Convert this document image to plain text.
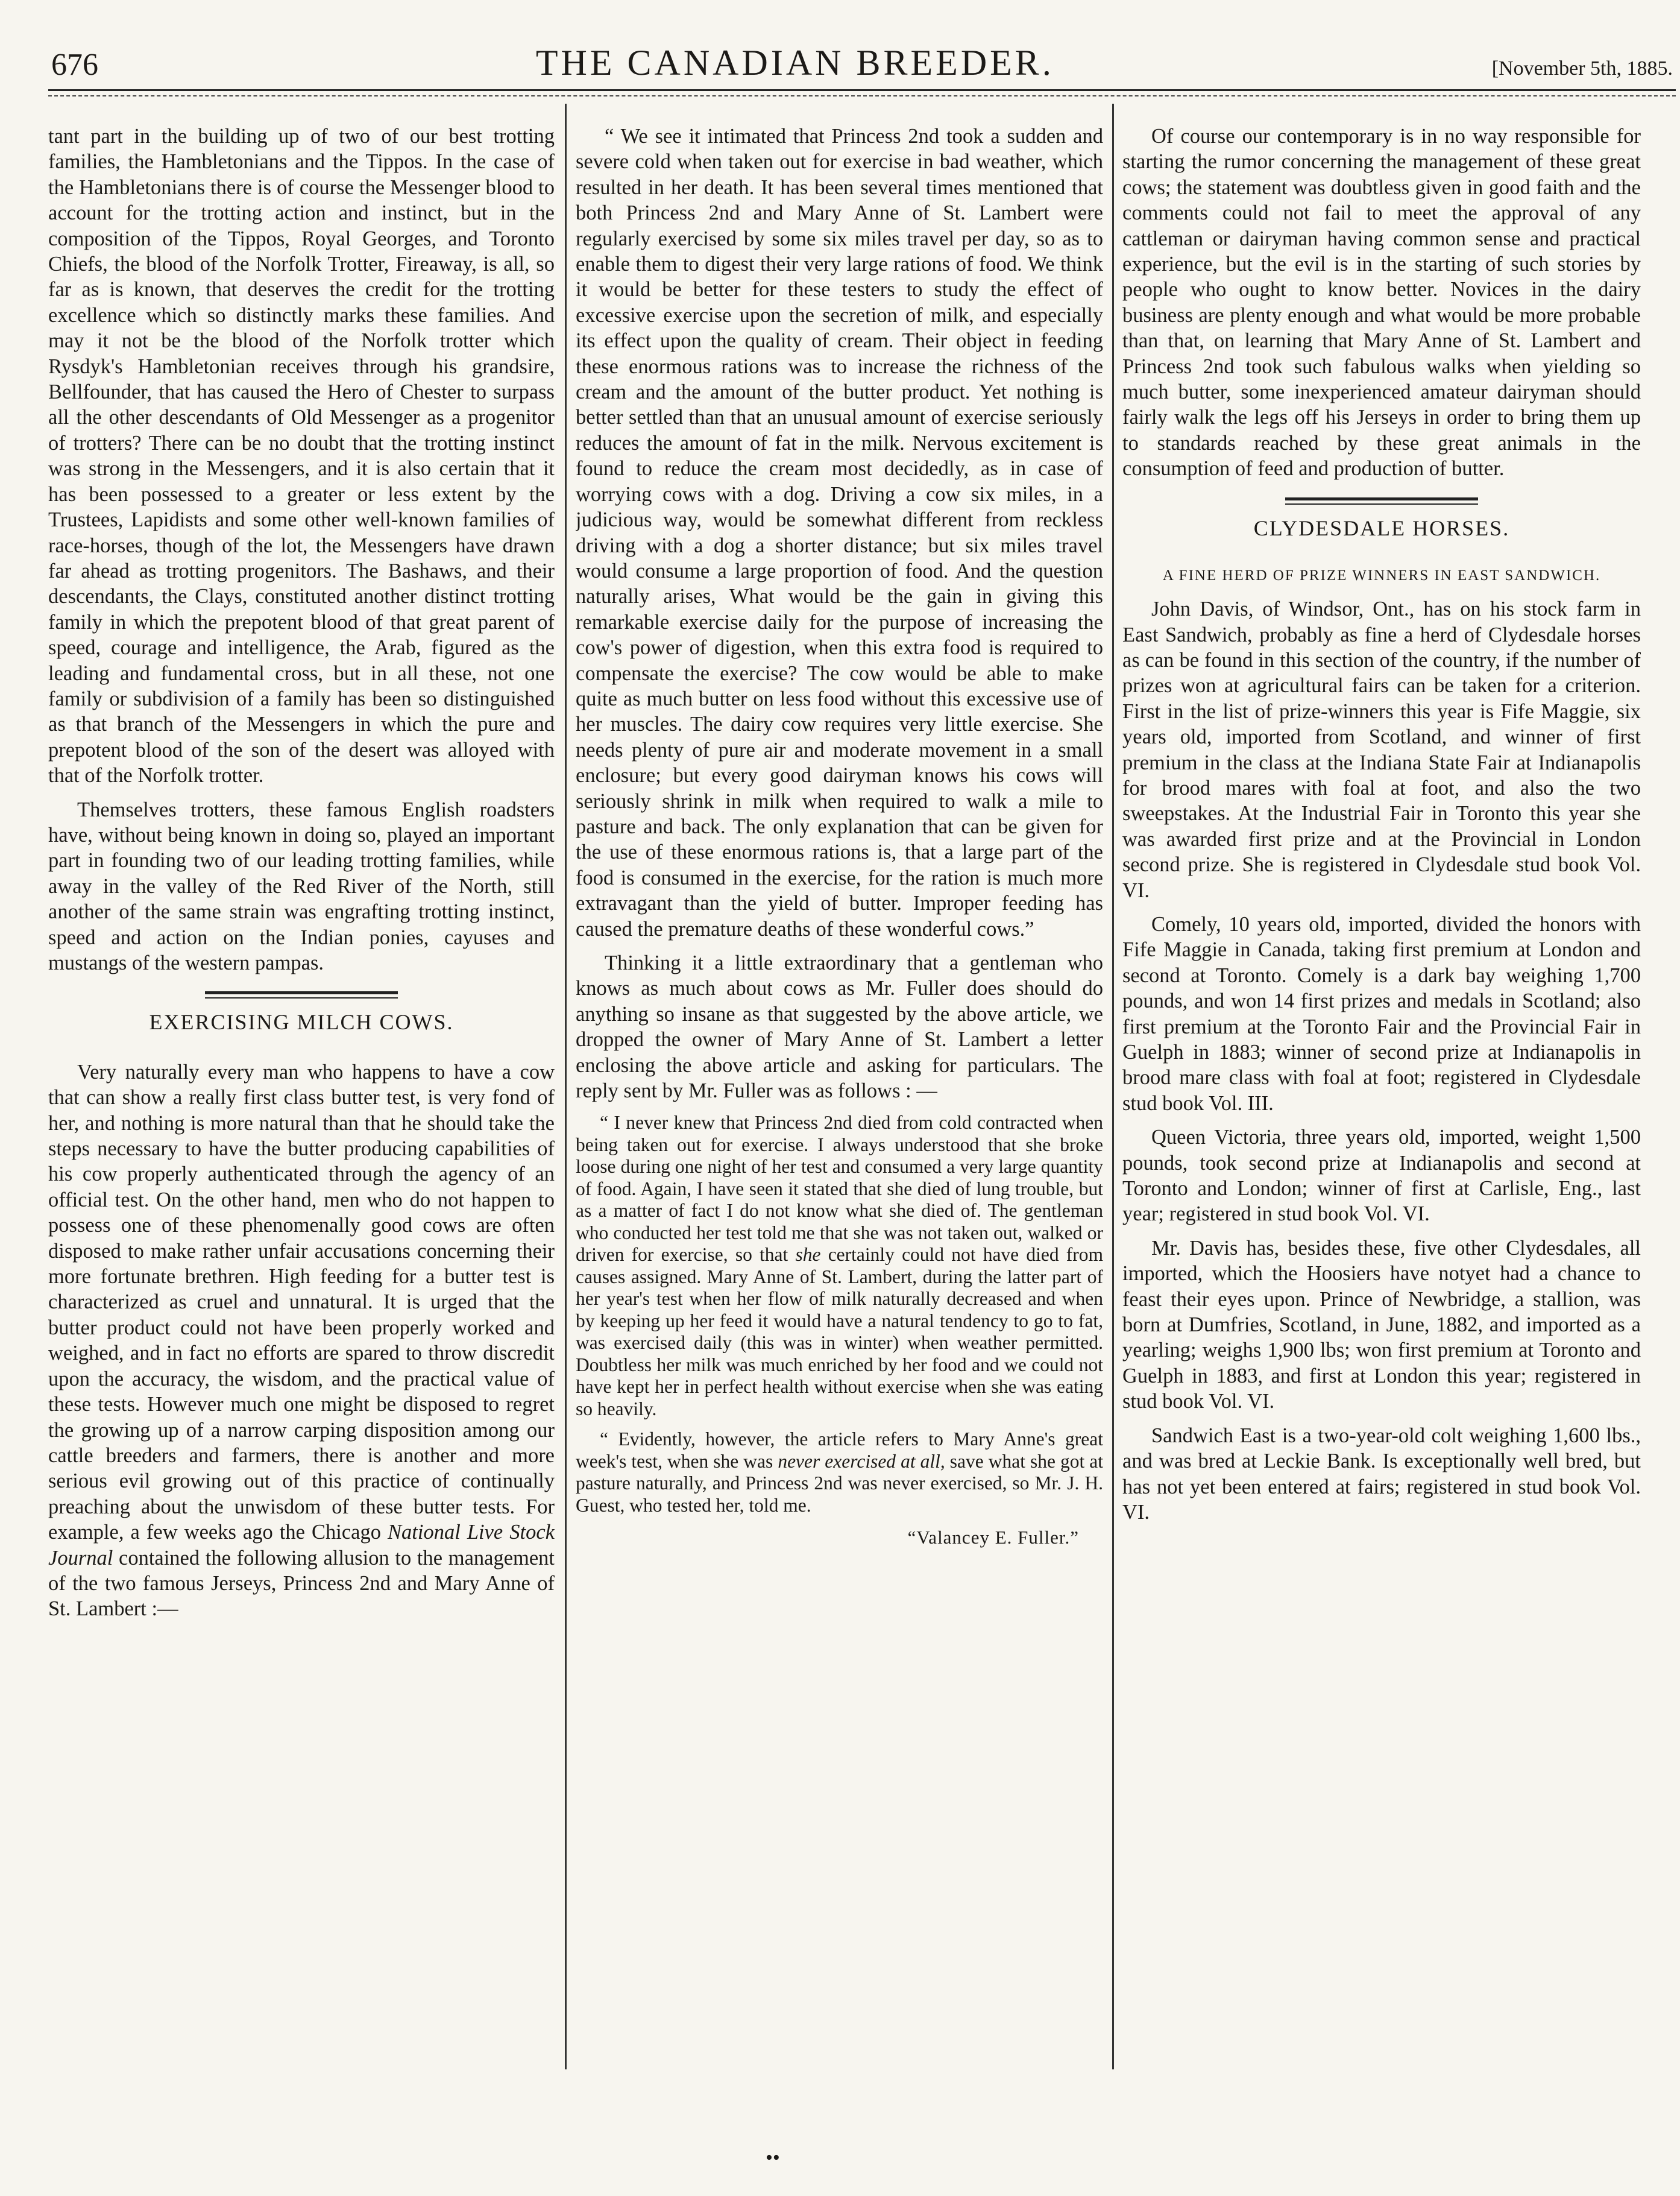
676	THE CANADIAN BREEDER.	[November 5th, 1885.

tant part in the building up of two of our best trotting families, the Hambletonians and the Tippos. In the case of the Hambletonians there is of course the Messenger blood to account for the trotting action and instinct, but in the composition of the Tippos, Royal Georges, and Toronto Chiefs, the blood of the Norfolk Trotter, Fireaway, is all, so far as is known, that deserves the credit for the trotting excellence which so distinctly marks these families. And may it not be the blood of the Norfolk trotter which Rysdyk's Hambletonian receives through his grandsire, Bellfounder, that has caused the Hero of Chester to surpass all the other descendants of Old Messenger as a progenitor of trotters? There can be no doubt that the trotting instinct was strong in the Messengers, and it is also certain that it has been possessed to a greater or less extent by the Trustees, Lapidists and some other well-known families of race-horses, though of the lot, the Messengers have drawn far ahead as trotting progenitors. The Bashaws, and their descendants, the Clays, constituted another distinct trotting family in which the prepotent blood of that great parent of speed, courage and intelligence, the Arab, figured as the leading and fundamental cross, but in all these, not one family or subdivision of a family has been so distinguished as that branch of the Messengers in which the pure and prepotent blood of the son of the desert was alloyed with that of the Norfolk trotter.

Themselves trotters, these famous English roadsters have, without being known in doing so, played an important part in founding two of our leading trotting families, while away in the valley of the Red River of the North, still another of the same strain was engrafting trotting instinct, speed and action on the Indian ponies, cayuses and mustangs of the western pampas.

EXERCISING MILCH COWS.

Very naturally every man who happens to have a cow that can show a really first class butter test, is very fond of her, and nothing is more natural than that he should take the steps necessary to have the butter producing capabilities of his cow properly authenticated through the agency of an official test. On the other hand, men who do not happen to possess one of these phenomenally good cows are often disposed to make rather unfair accusations concerning their more fortunate brethren. High feeding for a butter test is characterized as cruel and unnatural. It is urged that the butter product could not have been properly worked and weighed, and in fact no efforts are spared to throw discredit upon the accuracy, the wisdom, and the practical value of these tests. However much one might be disposed to regret the growing up of a narrow carping disposition among our cattle breeders and farmers, there is another and more serious evil growing out of this practice of continually preaching about the unwisdom of these butter tests. For example, a few weeks ago the Chicago National Live Stock Journal contained the following allusion to the management of the two famous Jerseys, Princess 2nd and Mary Anne of St. Lambert :—

“ We see it intimated that Princess 2nd took a sudden and severe cold when taken out for exercise in bad weather, which resulted in her death. It has been several times mentioned that both Princess 2nd and Mary Anne of St. Lambert were regularly exercised by some six miles travel per day, so as to enable them to digest their very large rations of food. We think it would be better for these testers to study the effect of excessive exercise upon the secretion of milk, and especially its effect upon the quality of cream. Their object in feeding these enormous rations was to increase the richness of the cream and the amount of the butter product. Yet nothing is better settled than that an unusual amount of exercise seriously reduces the amount of fat in the milk. Nervous excitement is found to reduce the cream most decidedly, as in case of worrying cows with a dog. Driving a cow six miles, in a judicious way, would be somewhat different from reckless driving with a dog a shorter distance; but six miles travel would consume a large proportion of food. And the question naturally arises, What would be the gain in giving this remarkable exercise daily for the purpose of increasing the cow's power of digestion, when this extra food is required to compensate the exercise? The cow would be able to make quite as much butter on less food without this excessive use of her muscles. The dairy cow requires very little exercise. She needs plenty of pure air and moderate movement in a small enclosure; but every good dairyman knows his cows will seriously shrink in milk when required to walk a mile to pasture and back. The only explanation that can be given for the use of these enormous rations is, that a large part of the food is consumed in the exercise, for the ration is much more extravagant than the yield of butter. Improper feeding has caused the premature deaths of these wonderful cows.”

Thinking it a little extraordinary that a gentleman who knows as much about cows as Mr. Fuller does should do anything so insane as that suggested by the above article, we dropped the owner of Mary Anne of St. Lambert a letter enclosing the above article and asking for particulars. The reply sent by Mr. Fuller was as follows : —

“ I never knew that Princess 2nd died from cold contracted when being taken out for exercise. I always understood that she broke loose during one night of her test and consumed a very large quantity of food. Again, I have seen it stated that she died of lung trouble, but as a matter of fact I do not know what she died of. The gentleman who conducted her test told me that she was not taken out, walked or driven for exercise, so that she certainly could not have died from causes assigned. Mary Anne of St. Lambert, during the latter part of her year's test when her flow of milk naturally decreased and when by keeping up her feed it would have a natural tendency to go to fat, was exercised daily (this was in winter) when weather permitted. Doubtless her milk was much enriched by her food and we could not have kept her in perfect health without exercise when she was eating so heavily.

“ Evidently, however, the article refers to Mary Anne's great week's test, when she was never exercised at all, save what she got at pasture naturally, and Princess 2nd was never exercised, so Mr. J. H. Guest, who tested her, told me.

“Valancey E. Fuller.”

Of course our contemporary is in no way responsible for starting the rumor concerning the management of these great cows; the statement was doubtless given in good faith and the comments could not fail to meet the approval of any cattleman or dairyman having common sense and practical experience, but the evil is in the starting of such stories by people who ought to know better. Novices in the dairy business are plenty enough and what would be more probable than that, on learning that Mary Anne of St. Lambert and Princess 2nd took such fabulous walks when yielding so much butter, some inexperienced amateur dairyman should fairly walk the legs off his Jerseys in order to bring them up to standards reached by these great animals in the consumption of feed and production of butter.

CLYDESDALE HORSES.
A FINE HERD OF PRIZE WINNERS IN EAST SANDWICH.

John Davis, of Windsor, Ont., has on his stock farm in East Sandwich, probably as fine a herd of Clydesdale horses as can be found in this section of the country, if the number of prizes won at agricultural fairs can be taken for a criterion. First in the list of prize-winners this year is Fife Maggie, six years old, imported from Scotland, and winner of first premium in the class at the Indiana State Fair at Indianapolis for brood mares with foal at foot, and also the two sweepstakes. At the Industrial Fair in Toronto this year she was awarded first prize and at the Provincial in London second prize. She is registered in Clydesdale stud book Vol. VI.

Comely, 10 years old, imported, divided the honors with Fife Maggie in Canada, taking first premium at London and second at Toronto. Comely is a dark bay weighing 1,700 pounds, and won 14 first prizes and medals in Scotland; also first premium at the Toronto Fair and the Provincial Fair in Guelph in 1883; winner of second prize at Indianapolis in brood mare class with foal at foot; registered in Clydesdale stud book Vol. III.

Queen Victoria, three years old, imported, weight 1,500 pounds, took second prize at Indianapolis and second at Toronto and London; winner of first at Carlisle, Eng., last year; registered in stud book Vol. VI.

Mr. Davis has, besides these, five other Clydesdales, all imported, which the Hoosiers have notyet had a chance to feast their eyes upon. Prince of Newbridge, a stallion, was born at Dumfries, Scotland, in June, 1882, and imported as a yearling; weighs 1,900 lbs; won first premium at Toronto and Guelph in 1883, and first at London this year; registered in stud book Vol. VI.

Sandwich East is a two-year-old colt weighing 1,600 lbs., and was bred at Leckie Bank. Is exceptionally well bred, but has not yet been entered at fairs; registered in stud book Vol. VI.

••
